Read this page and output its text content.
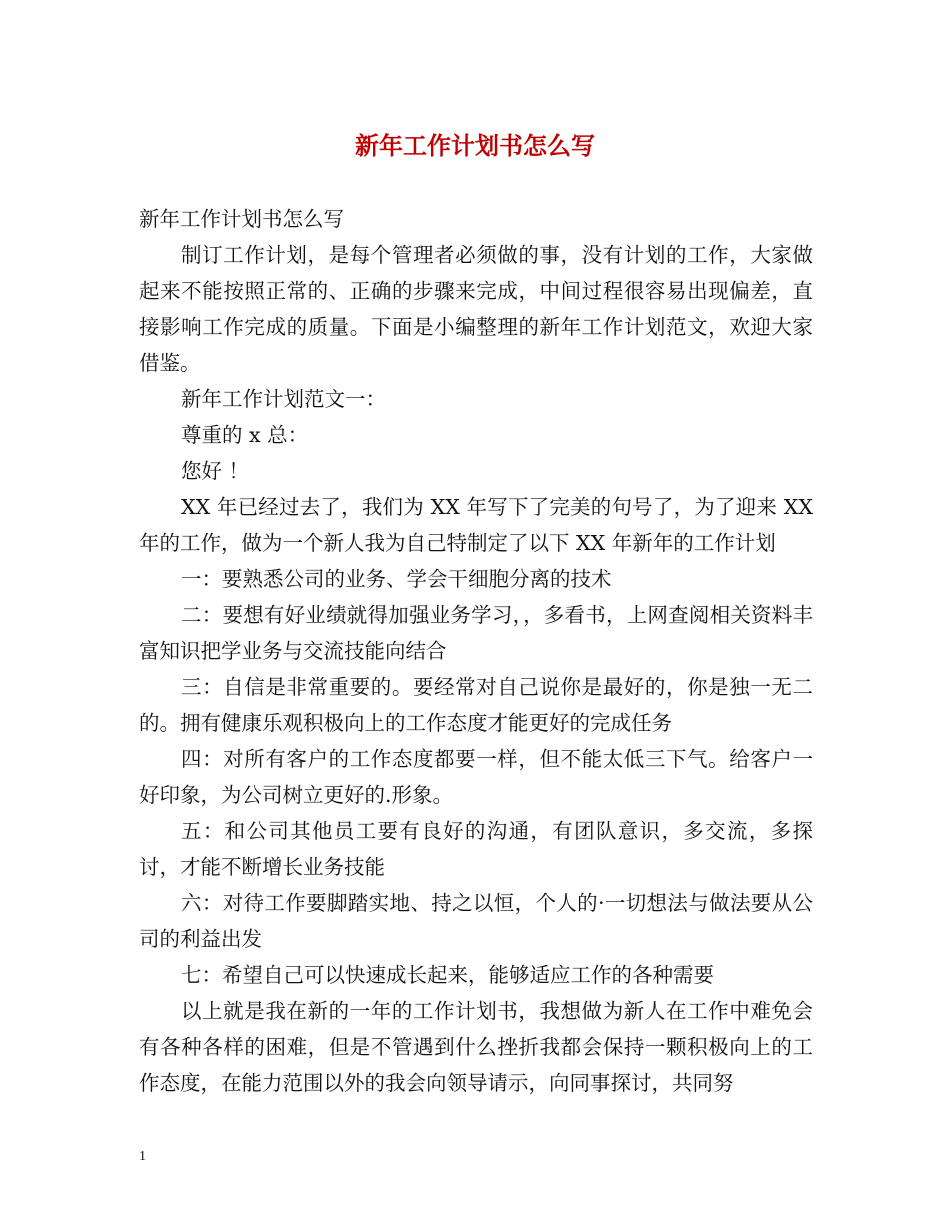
新年工作计划书怎么写

新年工作计划书怎么写

制订工作计划，是每个管理者必须做的事，没有计划的工作，大家做起来不能按照正常的、正确的步骤来完成，中间过程很容易出现偏差，直接影响工作完成的质量。下面是小编整理的新年工作计划范文，欢迎大家借鉴。

新年工作计划范文一：

尊重的 x 总：

您好 ！

XX 年已经过去了，我们为 XX 年写下了完美的句号了，为了迎来 XX 年的工作，做为一个新人我为自己特制定了以下 XX 年新年的工作计划

一：要熟悉公司的业务、学会干细胞分离的技术

二：要想有好业绩就得加强业务学习，，多看书，上网查阅相关资料丰富知识把学业务与交流技能向结合

三：自信是非常重要的。要经常对自己说你是最好的，你是独一无二的。拥有健康乐观积极向上的工作态度才能更好的完成任务

四：对所有客户的工作态度都要一样，但不能太低三下气。给客户一好印象，为公司树立更好的.形象。

五：和公司其他员工要有良好的沟通，有团队意识，多交流，多探讨，才能不断增长业务技能

六：对待工作要脚踏实地、持之以恒，个人的·一切想法与做法要从公司的利益出发

七：希望自己可以快速成长起来，能够适应工作的各种需要

以上就是我在新的一年的工作计划书，我想做为新人在工作中难免会有各种各样的困难，但是不管遇到什么挫折我都会保持一颗积极向上的工作态度，在能力范围以外的我会向领导请示，向同事探讨，共同努

1
